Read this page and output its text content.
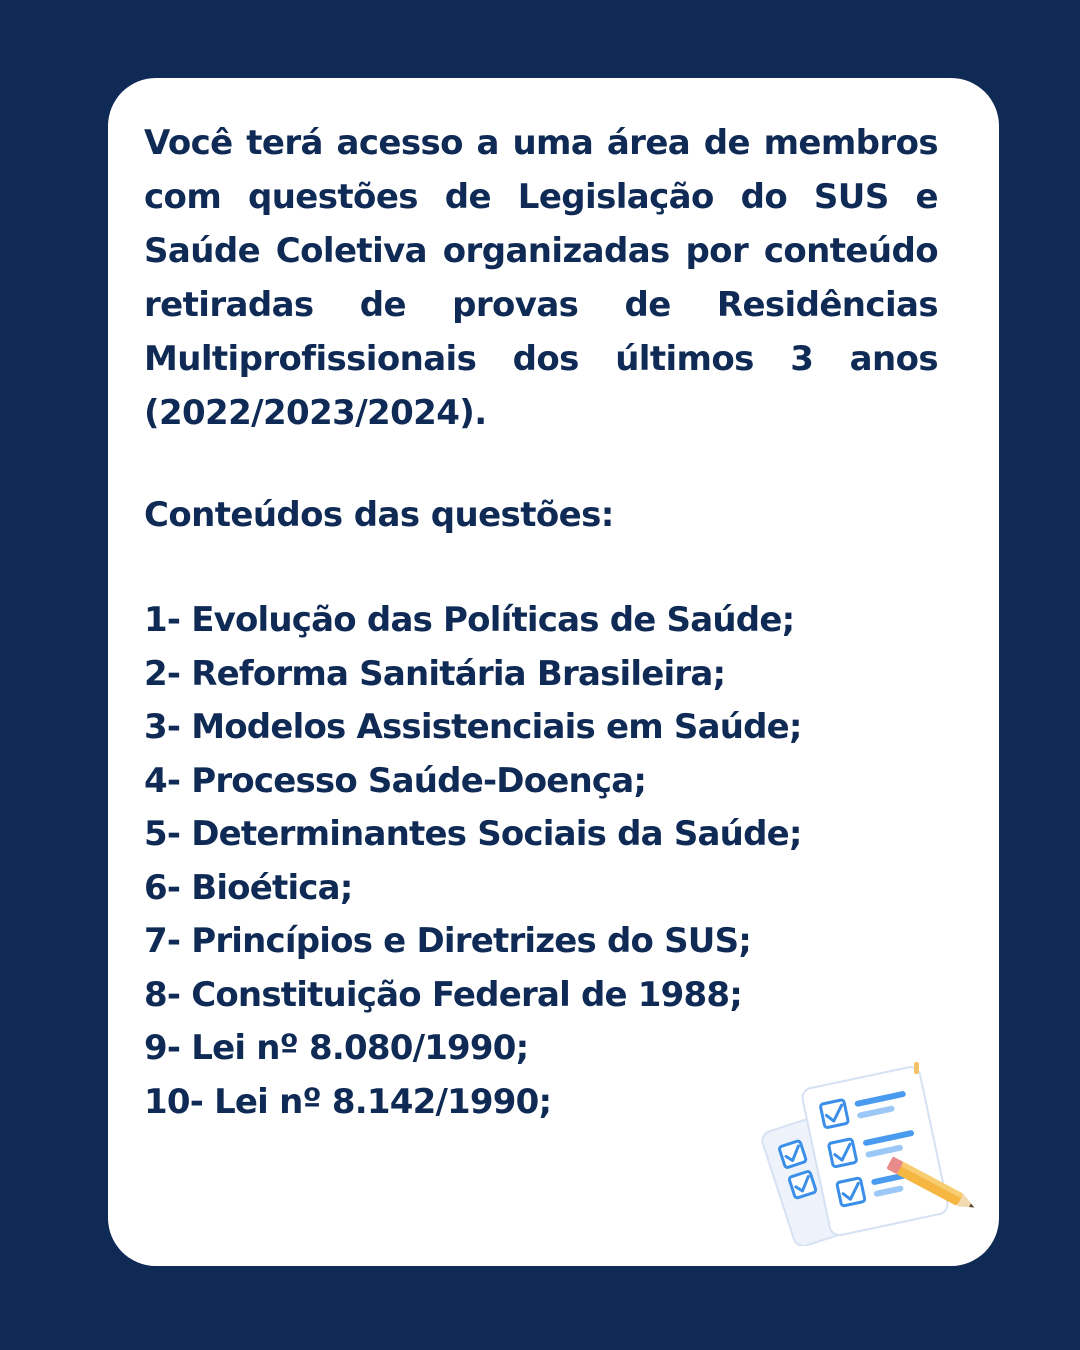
Você terá acesso a uma área de membros com questões de Legislação do SUS e Saúde Coletiva organizadas por conteúdo retiradas de provas de Residências Multiprofissionais dos últimos 3 anos (2022/2023/2024).

Conteúdos das questões:

1- Evolução das Políticas de Saúde;
2- Reforma Sanitária Brasileira;
3- Modelos Assistenciais em Saúde;
4- Processo Saúde-Doença;
5- Determinantes Sociais da Saúde;
6- Bioética;
7- Princípios e Diretrizes do SUS;
8- Constituição Federal de 1988;
9- Lei nº 8.080/1990;
10- Lei nº 8.142/1990;
